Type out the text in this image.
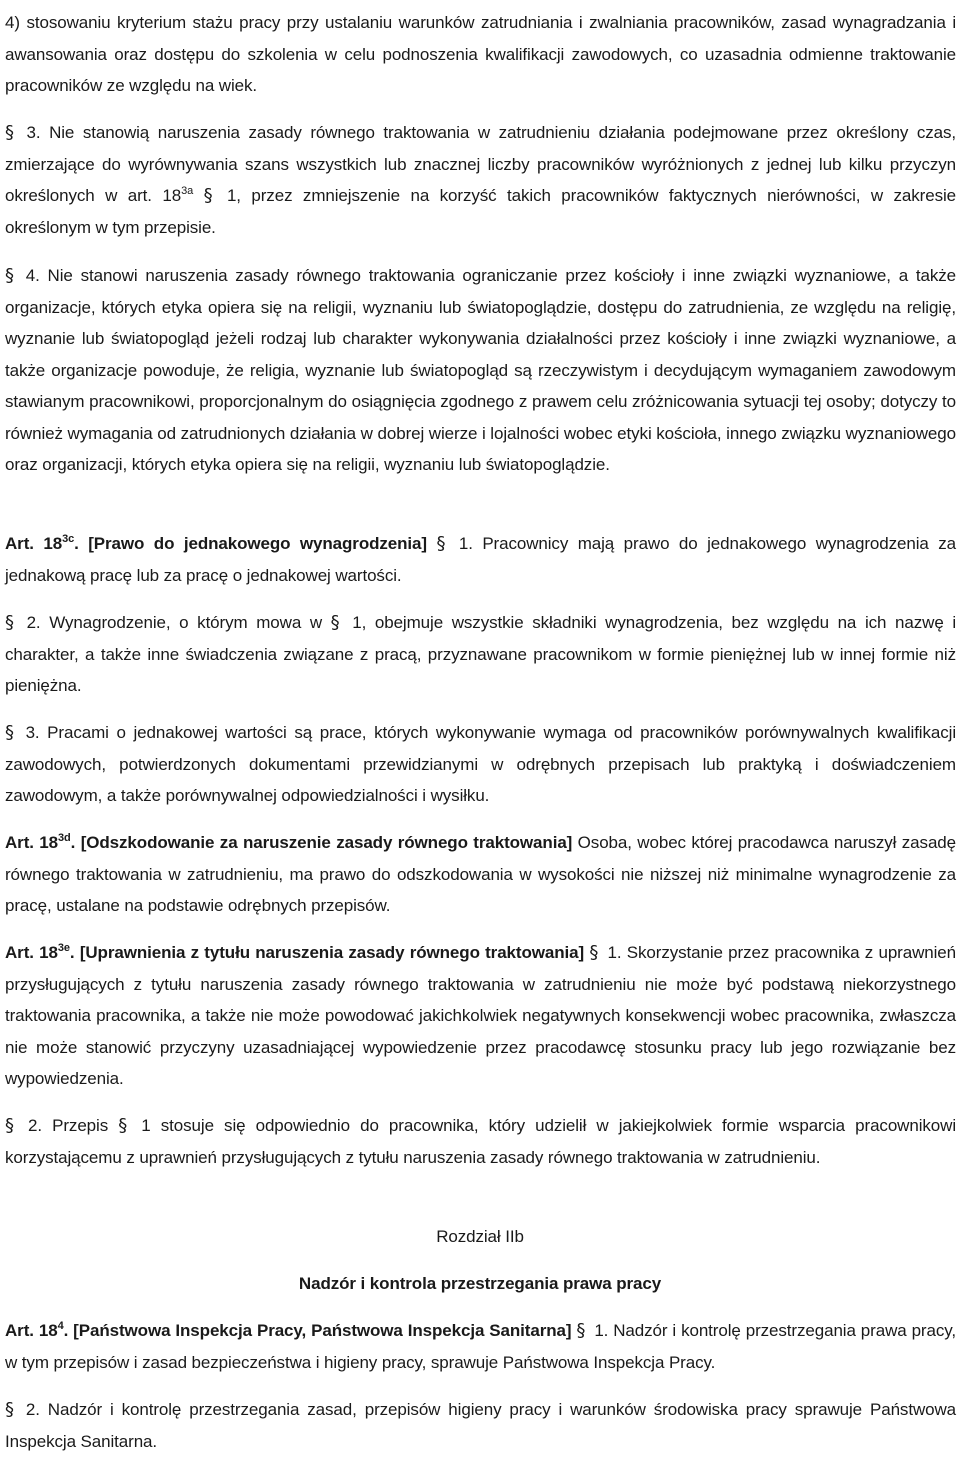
4) stosowaniu kryterium stażu pracy przy ustalaniu warunków zatrudniania i zwalniania pracowników, zasad wynagradzania i awansowania oraz dostępu do szkolenia w celu podnoszenia kwalifikacji zawodowych, co uzasadnia odmienne traktowanie pracowników ze względu na wiek.
§ 3. Nie stanowią naruszenia zasady równego traktowania w zatrudnieniu działania podejmowane przez określony czas, zmierzające do wyrównywania szans wszystkich lub znacznej liczby pracowników wyróżnionych z jednej lub kilku przyczyn określonych w art. $18^{3a}$ § 1, przez zmniejszenie na korzyść takich pracowników faktycznych nierówności, w zakresie określonym w tym przepisie.
§ 4. Nie stanowi naruszenia zasady równego traktowania ograniczanie przez kościoły i inne związki wyznaniowe, a także organizacje, których etyka opiera się na religii, wyznaniu lub światopoglądzie, dostępu do zatrudnienia, ze względu na religię, wyznanie lub światopogląd jeżeli rodzaj lub charakter wykonywania działalności przez kościoły i inne związki wyznaniowe, a także organizacje powoduje, że religia, wyznanie lub światopogląd są rzeczywistym i decydującym wymaganiem zawodowym stawianym pracownikowi, proporcjonalnym do osiągnięcia zgodnego z prawem celu zróżnicowania sytuacji tej osoby; dotyczy to również wymagania od zatrudnionych działania w dobrej wierze i lojalności wobec etyki kościoła, innego związku wyznaniowego oraz organizacji, których etyka opiera się na religii, wyznaniu lub światopoglądzie.
Art. $18^{3c}$. [Prawo do jednakowego wynagrodzenia] § 1. Pracownicy mają prawo do jednakowego wynagrodzenia za jednakową pracę lub za pracę o jednakowej wartości.
§ 2. Wynagrodzenie, o którym mowa w § 1, obejmuje wszystkie składniki wynagrodzenia, bez względu na ich nazwę i charakter, a także inne świadczenia związane z pracą, przyznawane pracownikom w formie pieniężnej lub w innej formie niż pieniężna.
§ 3. Pracami o jednakowej wartości są prace, których wykonywanie wymaga od pracowników porównywalnych kwalifikacji zawodowych, potwierdzonych dokumentami przewidzianymi w odrębnych przepisach lub praktyką i doświadczeniem zawodowym, a także porównywalnej odpowiedzialności i wysiłku.
Art. $18^{3d}$. [Odszkodowanie za naruszenie zasady równego traktowania] Osoba, wobec której pracodawca naruszył zasadę równego traktowania w zatrudnieniu, ma prawo do odszkodowania w wysokości nie niższej niż minimalne wynagrodzenie za pracę, ustalane na podstawie odrębnych przepisów.
Art. $18^{3e}$. [Uprawnienia z tytułu naruszenia zasady równego traktowania] § 1. Skorzystanie przez pracownika z uprawnień przysługujących z tytułu naruszenia zasady równego traktowania w zatrudnieniu nie może być podstawą niekorzystnego traktowania pracownika, a także nie może powodować jakichkolwiek negatywnych konsekwencji wobec pracownika, zwłaszcza nie może stanowić przyczyny uzasadniającej wypowiedzenie przez pracodawcę stosunku pracy lub jego rozwiązanie bez wypowiedzenia.
§ 2. Przepis § 1 stosuje się odpowiednio do pracownika, który udzielił w jakiejkolwiek formie wsparcia pracownikowi korzystającemu z uprawnień przysługujących z tytułu naruszenia zasady równego traktowania w zatrudnieniu.
Rozdział IIb
Nadzór i kontrola przestrzegania prawa pracy
Art. $18^4$. [Państwowa Inspekcja Pracy, Państwowa Inspekcja Sanitarna] § 1. Nadzór i kontrolę przestrzegania prawa pracy, w tym przepisów i zasad bezpieczeństwa i higieny pracy, sprawuje Państwowa Inspekcja Pracy.
§ 2. Nadzór i kontrolę przestrzegania zasad, przepisów higieny pracy i warunków środowiska pracy sprawuje Państwowa Inspekcja Sanitarna.
